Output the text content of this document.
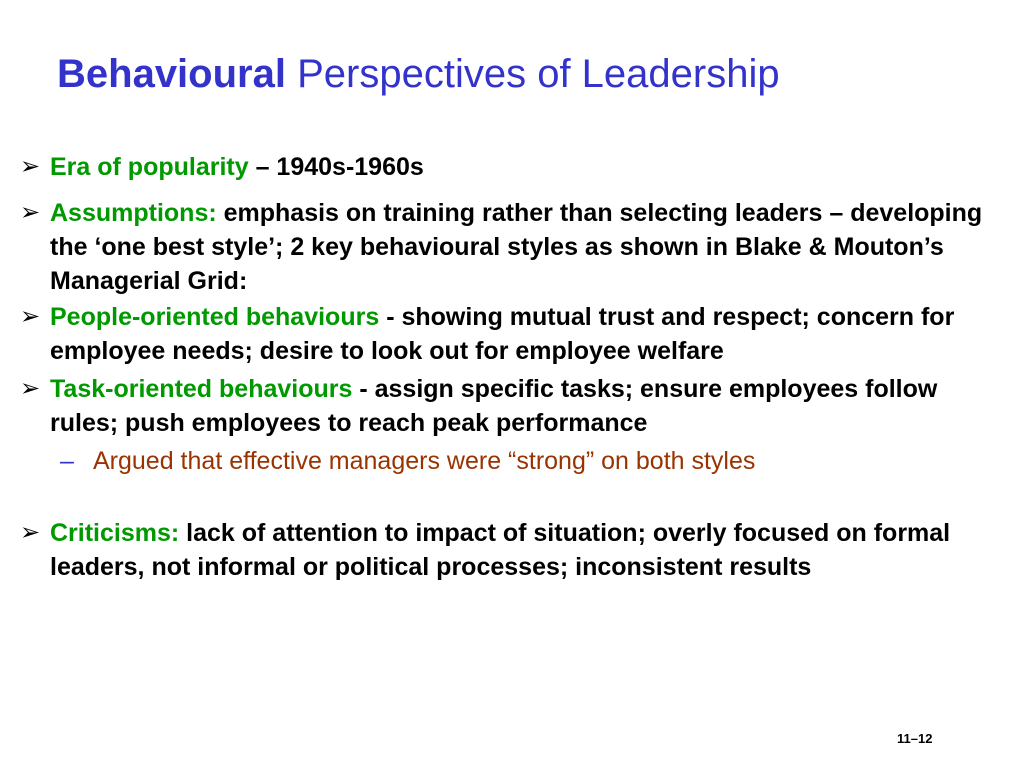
Behavioural Perspectives of Leadership
➢ Era of popularity – 1940s-1960s
➢ Assumptions: emphasis on training rather than selecting leaders – developing the ‘one best style’; 2 key behavioural styles as shown in Blake & Mouton’s Managerial Grid:
➢ People-oriented behaviours - showing mutual trust and respect; concern for employee needs; desire to look out for employee welfare
➢ Task-oriented behaviours - assign specific tasks; ensure employees follow rules; push employees to reach peak performance
– Argued that effective managers were “strong” on both styles
➢ Criticisms: lack of attention to impact of situation; overly focused on formal leaders, not informal or political processes; inconsistent results
11–12
